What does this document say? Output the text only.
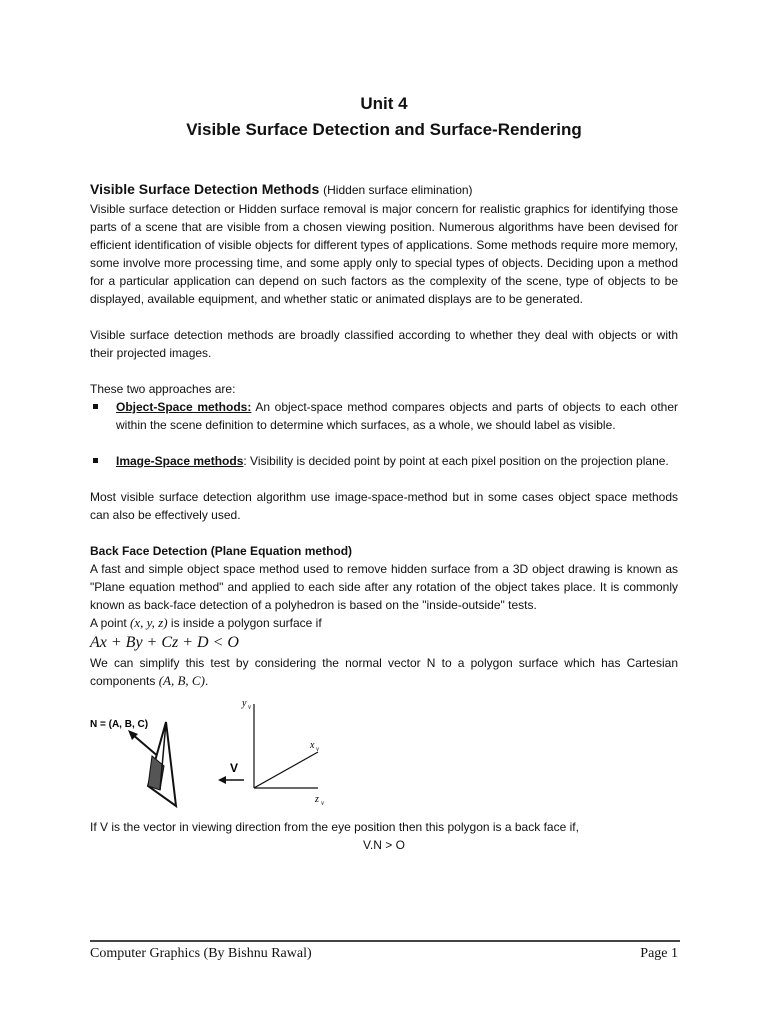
Unit 4
Visible Surface Detection and Surface-Rendering
Visible Surface Detection Methods (Hidden surface elimination)

Visible surface detection or Hidden surface removal is major concern for realistic graphics for identifying those parts of a scene that are visible from a chosen viewing position. Numerous algorithms have been devised for efficient identification of visible objects for different types of applications. Some methods require more memory, some involve more processing time, and some apply only to special types of objects. Deciding upon a method for a particular application can depend on such factors as the complexity of the scene, type of objects to be displayed, available equipment, and whether static or animated displays are to be generated.

Visible surface detection methods are broadly classified according to whether they deal with objects or with their projected images.

These two approaches are:

Object-Space methods: An object-space method compares objects and parts of objects to each other within the scene definition to determine which surfaces, as a whole, we should label as visible.
Image-Space methods: Visibility is decided point by point at each pixel position on the projection plane.

Most visible surface detection algorithm use image-space-method but in some cases object space methods can also be effectively used.

Back Face Detection (Plane Equation method)

A fast and simple object space method used to remove hidden surface from a 3D object drawing is known as "Plane equation method" and applied to each side after any rotation of the object takes place. It is commonly known as back-face detection of a polyhedron is based on the "inside-outside" tests.

A point (x, y, z) is inside a polygon surface if

Ax + By + Cz + D < O

We can simplify this test by considering the normal vector N to a polygon surface which has Cartesian components (A, B, C).

N = (A, B, C)
V
y v
x v
z v

If V is the vector in viewing direction from the eye position then this polygon is a back face if,

V.N > O

Computer Graphics (By Bishnu Rawal)	Page 1
